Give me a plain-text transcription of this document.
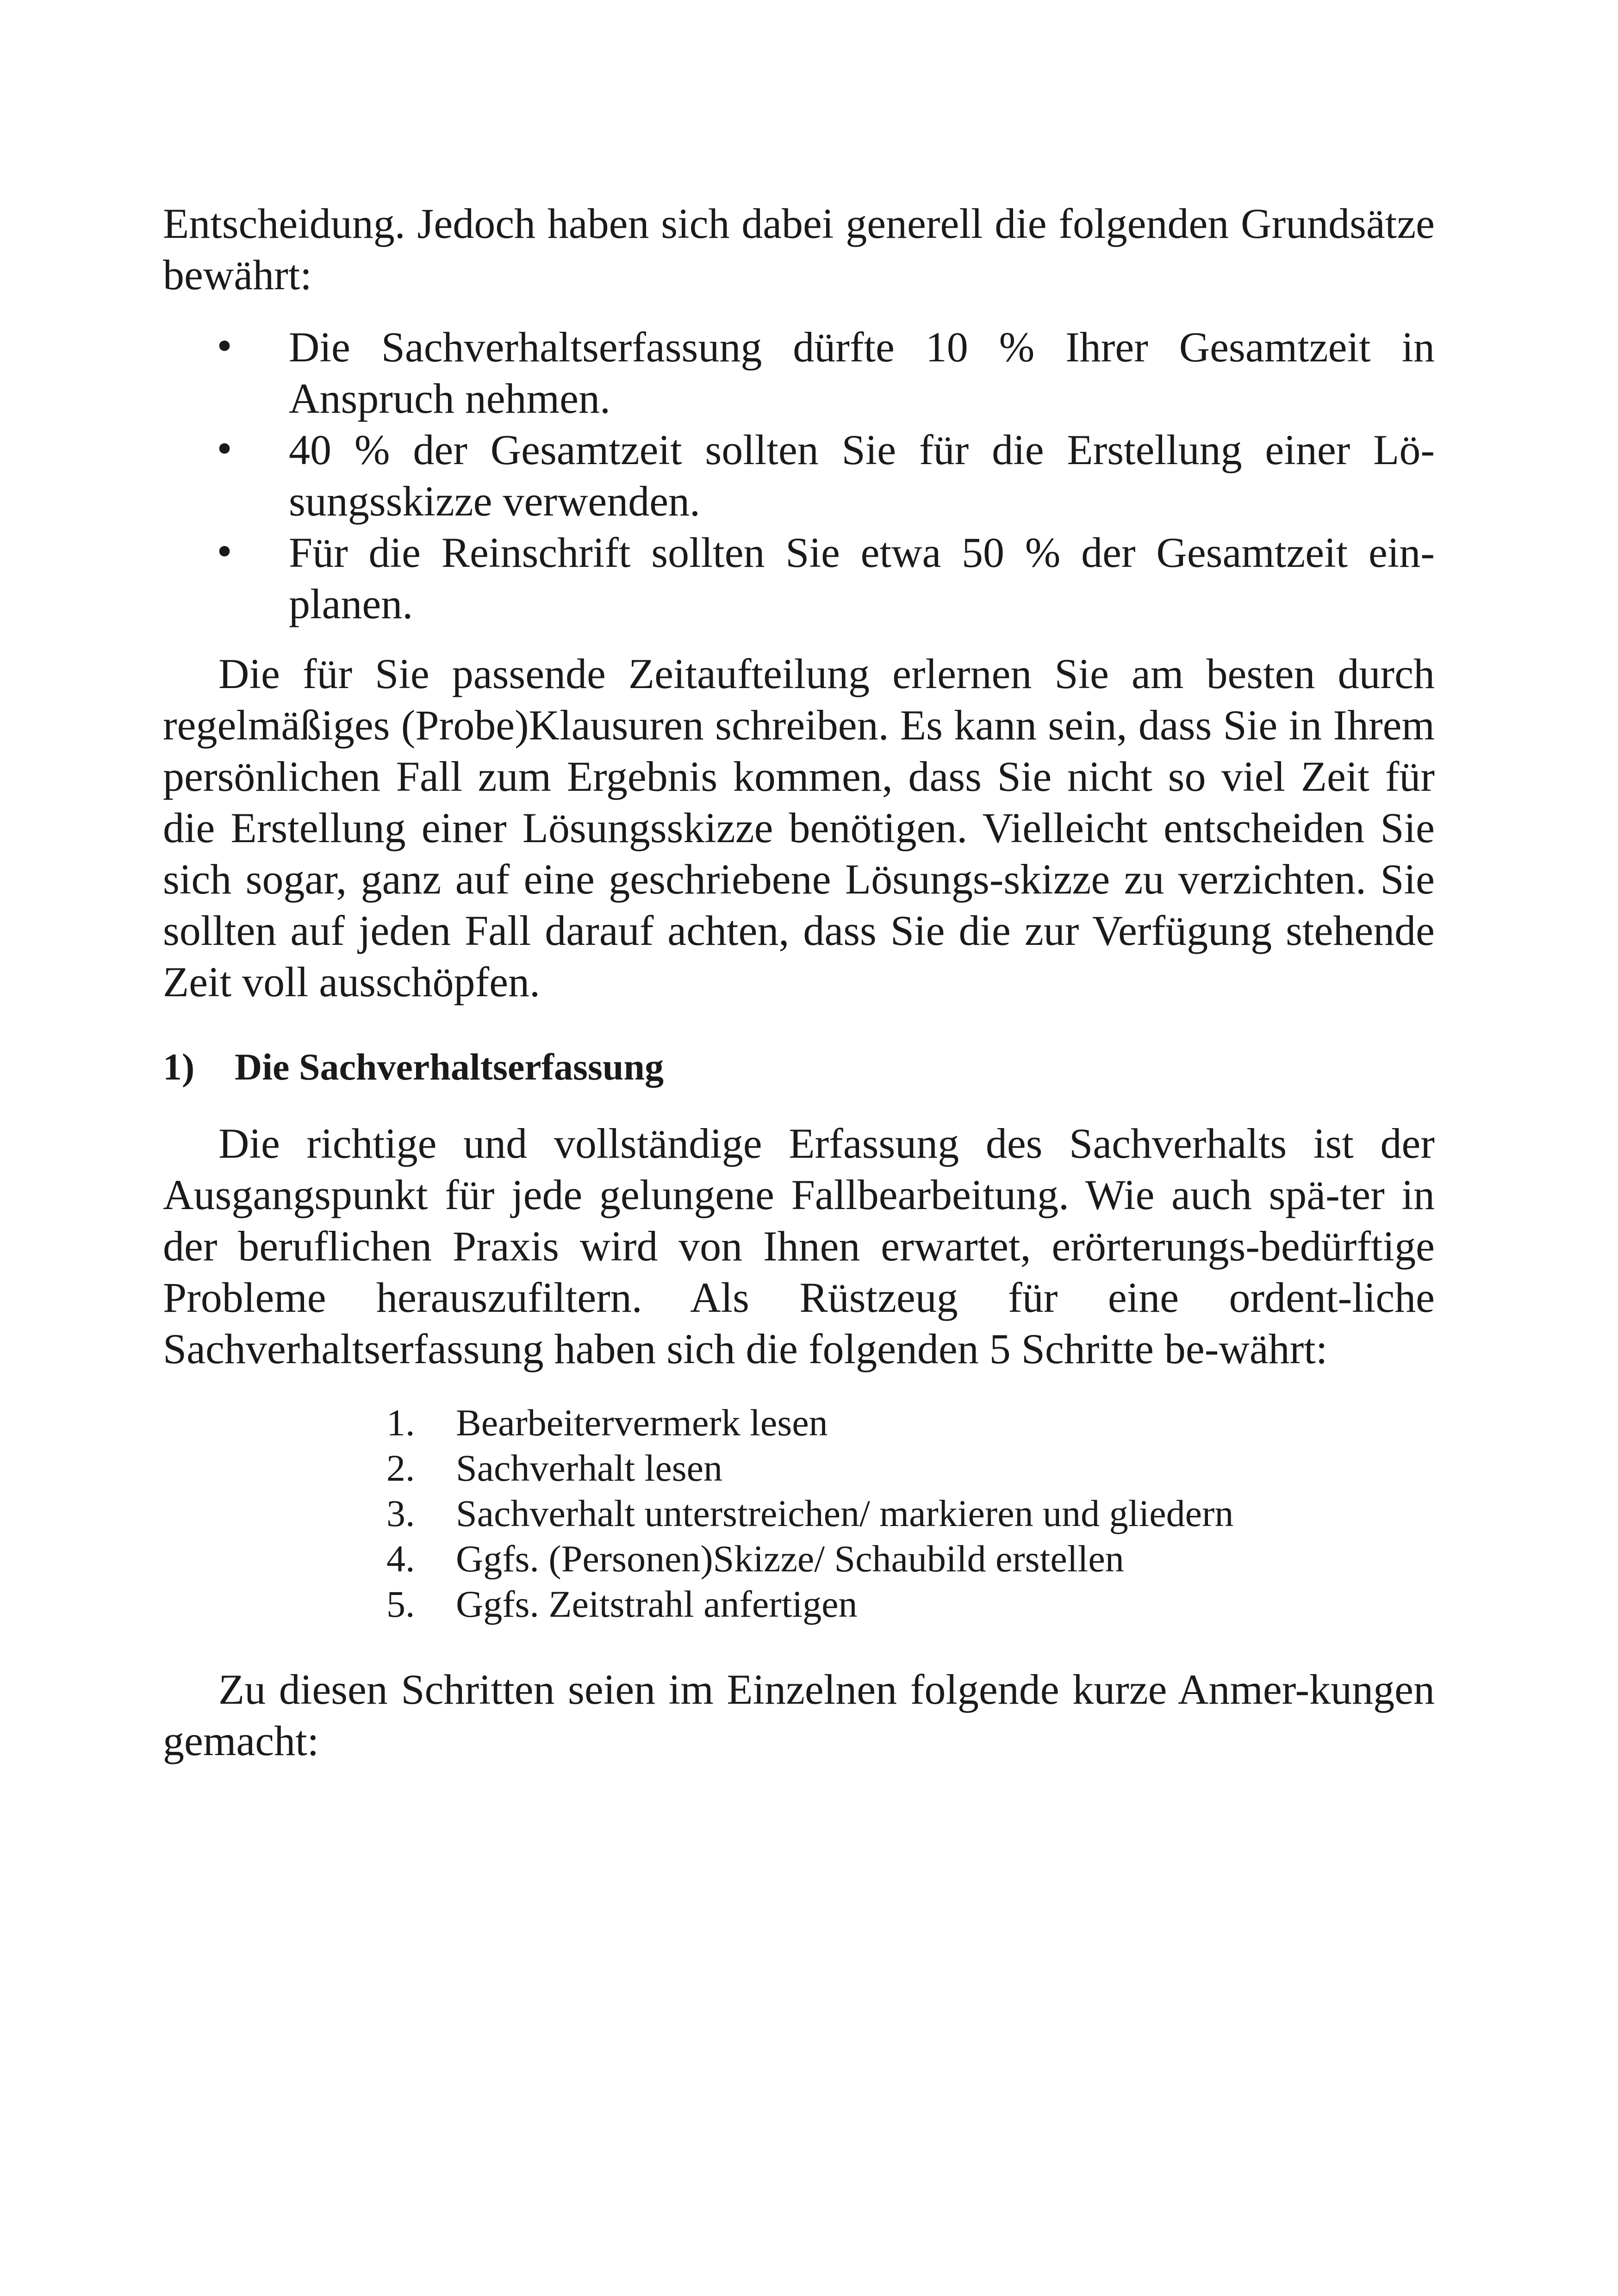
Entscheidung. Jedoch haben sich dabei generell die folgenden Grundsätze bewährt:

• Die Sachverhaltserfassung dürfte 10 % Ihrer Gesamtzeit in Anspruch nehmen.
• 40 % der Gesamtzeit sollten Sie für die Erstellung einer Lö-sungsskizze verwenden.
• Für die Reinschrift sollten Sie etwa 50 % der Gesamtzeit ein-planen.

Die für Sie passende Zeitaufteilung erlernen Sie am besten durch regelmäßiges (Probe)Klausuren schreiben. Es kann sein, dass Sie in Ihrem persönlichen Fall zum Ergebnis kommen, dass Sie nicht so viel Zeit für die Erstellung einer Lösungsskizze benötigen. Vielleicht entscheiden Sie sich sogar, ganz auf eine geschriebene Lösungs-skizze zu verzichten. Sie sollten auf jeden Fall darauf achten, dass Sie die zur Verfügung stehende Zeit voll ausschöpfen.

1) Die Sachverhaltserfassung

Die richtige und vollständige Erfassung des Sachverhalts ist der Ausgangspunkt für jede gelungene Fallbearbeitung. Wie auch spä-ter in der beruflichen Praxis wird von Ihnen erwartet, erörterungs-bedürftige Probleme herauszufiltern. Als Rüstzeug für eine ordent-liche Sachverhaltserfassung haben sich die folgenden 5 Schritte be-währt:

1.	Bearbeitervermerk lesen
2.	Sachverhalt lesen
3.	Sachverhalt unterstreichen/ markieren und gliedern
4.	Ggfs. (Personen)Skizze/ Schaubild erstellen
5.	Ggfs. Zeitstrahl anfertigen

Zu diesen Schritten seien im Einzelnen folgende kurze Anmer-kungen gemacht:
